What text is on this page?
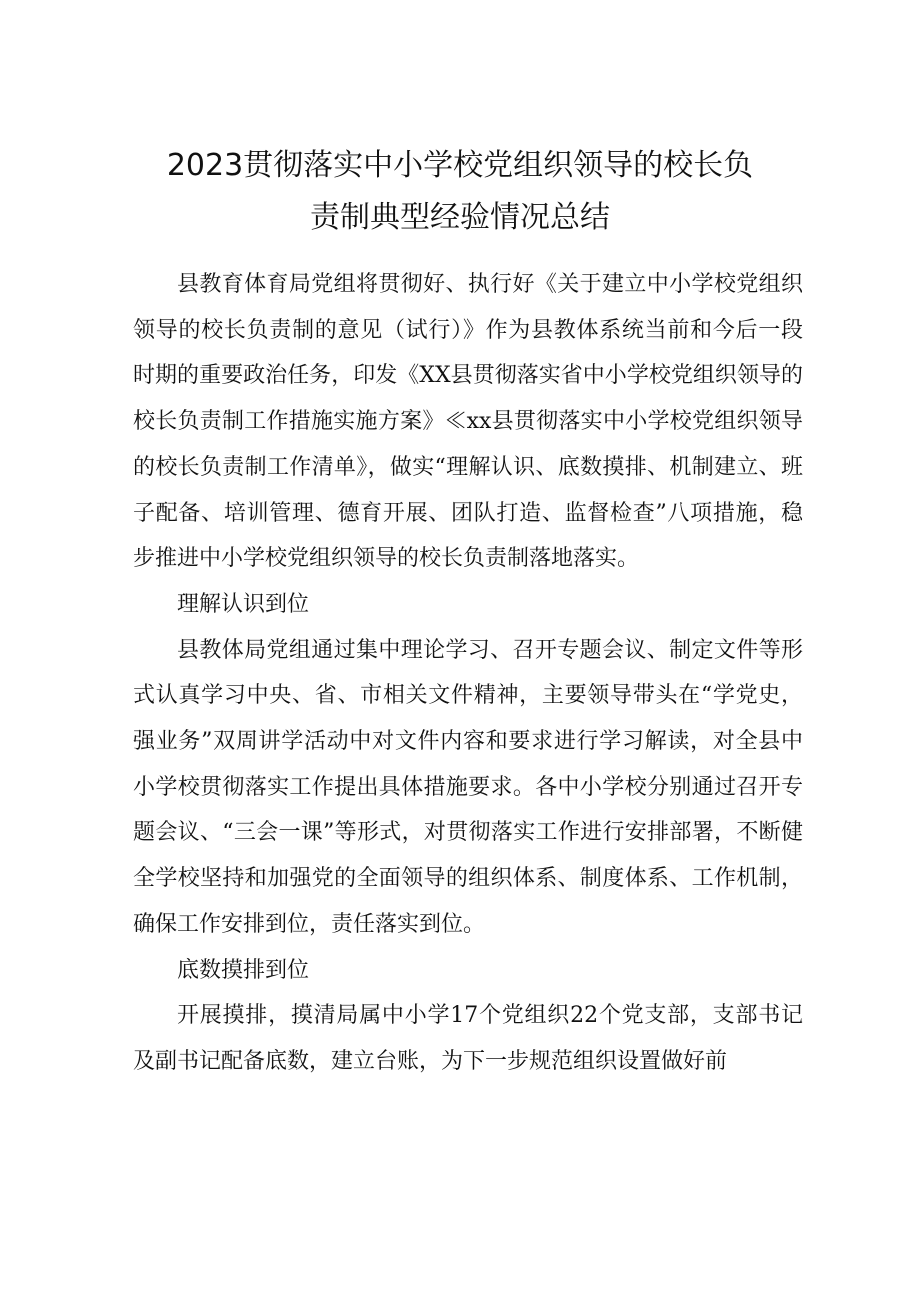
2023贯彻落实中小学校党组织领导的校长负
责制典型经验情况总结

县教育体育局党组将贯彻好、执行好《关于建立中小学校党组织领导的校长负责制的意见（试行）》作为县教体系统当前和今后一段时期的重要政治任务，印发《XX县贯彻落实省中小学校党组织领导的校长负责制工作措施实施方案》≪xx县贯彻落实中小学校党组织领导的校长负责制工作清单》，做实“理解认识、底数摸排、机制建立、班子配备、培训管理、德育开展、团队打造、监督检查”八项措施，稳步推进中小学校党组织领导的校长负责制落地落实。

理解认识到位

县教体局党组通过集中理论学习、召开专题会议、制定文件等形式认真学习中央、省、市相关文件精神，主要领导带头在“学党史，强业务”双周讲学活动中对文件内容和要求进行学习解读，对全县中小学校贯彻落实工作提出具体措施要求。各中小学校分别通过召开专题会议、“三会一课”等形式，对贯彻落实工作进行安排部署，不断健全学校坚持和加强党的全面领导的组织体系、制度体系、工作机制，确保工作安排到位，责任落实到位。

底数摸排到位

开展摸排，摸清局属中小学17个党组织22个党支部，支部书记及副书记配备底数，建立台账，为下一步规范组织设置做好前
